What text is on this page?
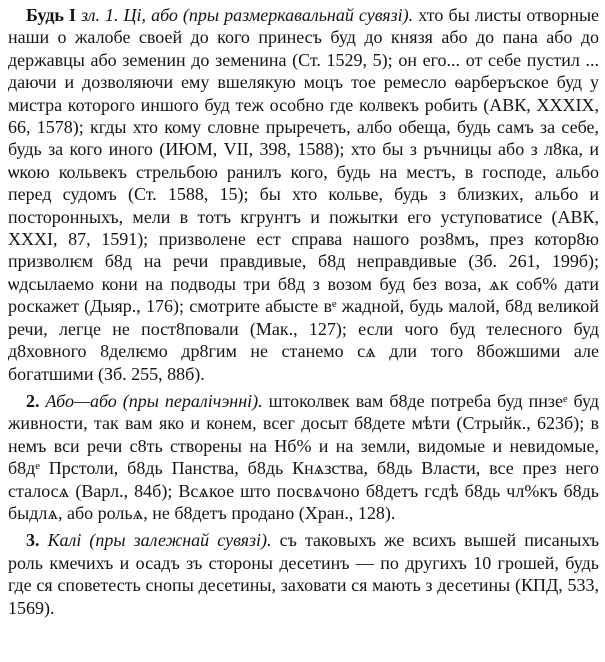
Будь I зл. 1. Ці, або (пры размеркавальнай сувязі). хто бы листы отворные наши о жалобе своей до кого принесъ буд до князя або до пана або до державцы або земенин до земенина (Ст. 1529, 5); он его... от себе пустил ... даючи и дозволяючи ему вшелякую моцъ тое ремесло ѳарберъское буд у мистра которого иншого буд теж особно где колвекъ робить (АВК, XXXIX, 66, 1578); кгды хто кому словне прыречеть, албо обеща, будь самъ за себе, будь за кого иного (ИЮМ, VII, 398, 1588); хто бы з ръчницы або з л8ка, и ѡкою кольвекъ стрельбою ранилъ кого, будь на местъ, в господе, альбо перед судомъ (Ст. 1588, 15); бы хто кольве, будь з близких, альбо и посторонныхъ, мели в тотъ кгрунтъ и пожытки его уступоватисе (АВК, XXXI, 87, 1591); призволене ест справа нашого роз8мъ, през котор8ю призволѥм б8д на речи правдивые, б8д неправдивые (Зб. 261, 199б); ѡдсылаемо кони на подводы три б8д з возом буд без воза, ѧк соб% дати роскажет (Дыяр., 176); смотрите абысте вᵉ жадной, будь малой, б8д великой речи, легце не пост8повали (Мак., 127); если чого буд телесного буд д8ховного 8делѥмо др8гим не станемо сѧ дли того 8божшими але богатшими (Зб. 255, 88б).

2. Або—або (пры пералічэнні). штоколвек вам б8де потреба буд пнзеᵉ буд живности, так вам яко и конем, всег досыт б8дете мѣти (Стрыйк., 623б); в немъ вси речи с8ть створены на Нб% и на земли, видомые и невидомые, б8дᵉ Прстоли, б8дь Панства, б8дь Кнѧзства, б8дь Власти, все през него сталосѧ (Варл., 84б); Всѧкое што посвѧчоно б8детъ гсдѣ б8дь чл%къ б8дь быдлѧ, або рольѧ, не б8детъ продано (Хран., 128).

3. Калі (пры залежнай сувязі). съ таковыхъ же всихъ вышей писаныхъ роль кмечихъ и осадъ зъ стороны десетинъ — по другихъ 10 грошей, будь где ся споветесть снопы десетины, заховати ся мають з десетины (КПД, 533, 1569).
